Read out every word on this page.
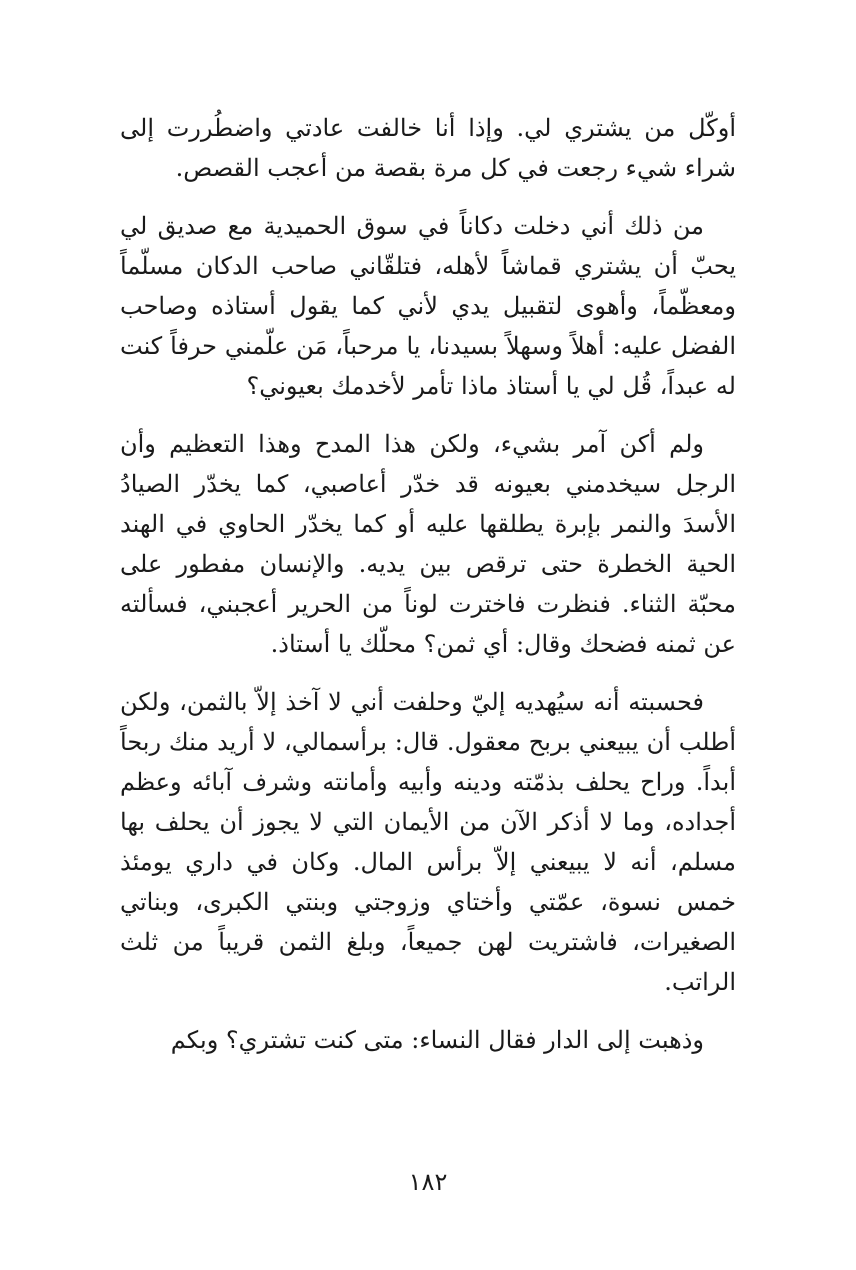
أوكّل من يشتري لي. وإذا أنا خالفت عادتي واضطُررت إلى شراء شيء رجعت في كل مرة بقصة من أعجب القصص.

من ذلك أني دخلت دكاناً في سوق الحميدية مع صديق لي يحبّ أن يشتري قماشاً لأهله، فتلقّاني صاحب الدكان مسلّماً ومعظّماً، وأهوى لتقبيل يدي لأني كما يقول أستاذه وصاحب الفضل عليه: أهلاً وسهلاً بسيدنا، يا مرحباً، مَن علّمني حرفاً كنت له عبداً، قُل لي يا أستاذ ماذا تأمر لأخدمك بعيوني؟

ولم أكن آمر بشيء، ولكن هذا المدح وهذا التعظيم وأن الرجل سيخدمني بعيونه قد خدّر أعاصبي، كما يخدّر الصيادُ الأسدَ والنمر بإبرة يطلقها عليه أو كما يخدّر الحاوي في الهند الحية الخطرة حتى ترقص بين يديه. والإنسان مفطور على محبّة الثناء. فنظرت فاخترت لوناً من الحرير أعجبني، فسألته عن ثمنه فضحك وقال: أي ثمن؟ محلّك يا أستاذ.

فحسبته أنه سيُهديه إليّ وحلفت أني لا آخذ إلاّ بالثمن، ولكن أطلب أن يبيعني بربح معقول. قال: برأسمالي، لا أريد منك ربحاً أبداً. وراح يحلف بذمّته ودينه وأبيه وأمانته وشرف آبائه وعظم أجداده، وما لا أذكر الآن من الأيمان التي لا يجوز أن يحلف بها مسلم، أنه لا يبيعني إلاّ برأس المال. وكان في داري يومئذ خمس نسوة، عمّتي وأختاي وزوجتي وبنتي الكبرى، وبناتي الصغيرات، فاشتريت لهن جميعاً، وبلغ الثمن قريباً من ثلث الراتب.

وذهبت إلى الدار فقال النساء: متى كنت تشتري؟ وبكم

١٨٢
